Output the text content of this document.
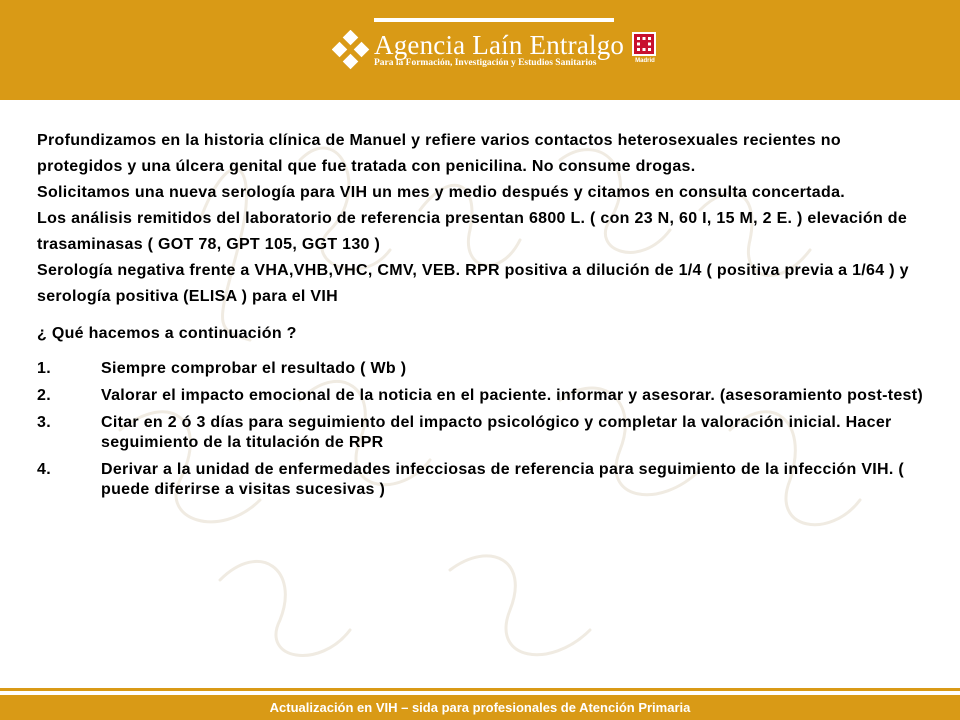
Agencia Laín Entralgo
Para la Formación, Investigación y Estudios Sanitarios	Madrid

Profundizamos en la historia clínica de Manuel y refiere varios contactos heterosexuales recientes no protegidos y una úlcera genital que fue tratada con penicilina. No consume drogas.

Solicitamos una nueva serología para VIH un mes y medio después y citamos en consulta concertada.

Los análisis remitidos del laboratorio de referencia presentan 6800 L. ( con 23 N, 60 I, 15 M, 2 E. ) elevación de trasaminasas ( GOT 78, GPT 105, GGT 130 )

Serología negativa frente a VHA,VHB,VHC, CMV, VEB. RPR positiva a dilución de 1/4 ( positiva previa a 1/64 ) y serología positiva (ELISA ) para el VIH

¿ Qué hacemos a continuación ?

1.	Siempre comprobar el resultado ( Wb )
2.	Valorar el impacto emocional de la noticia en el paciente. informar y asesorar. (asesoramiento post-test)
3.	Citar en 2 ó 3 días para seguimiento del impacto psicológico y completar la valoración inicial. Hacer seguimiento de la titulación de RPR
4.	Derivar a la unidad de enfermedades infecciosas de referencia para seguimiento de la infección VIH. ( puede diferirse a visitas sucesivas )
Actualización en VIH – sida para profesionales de Atención Primaria
